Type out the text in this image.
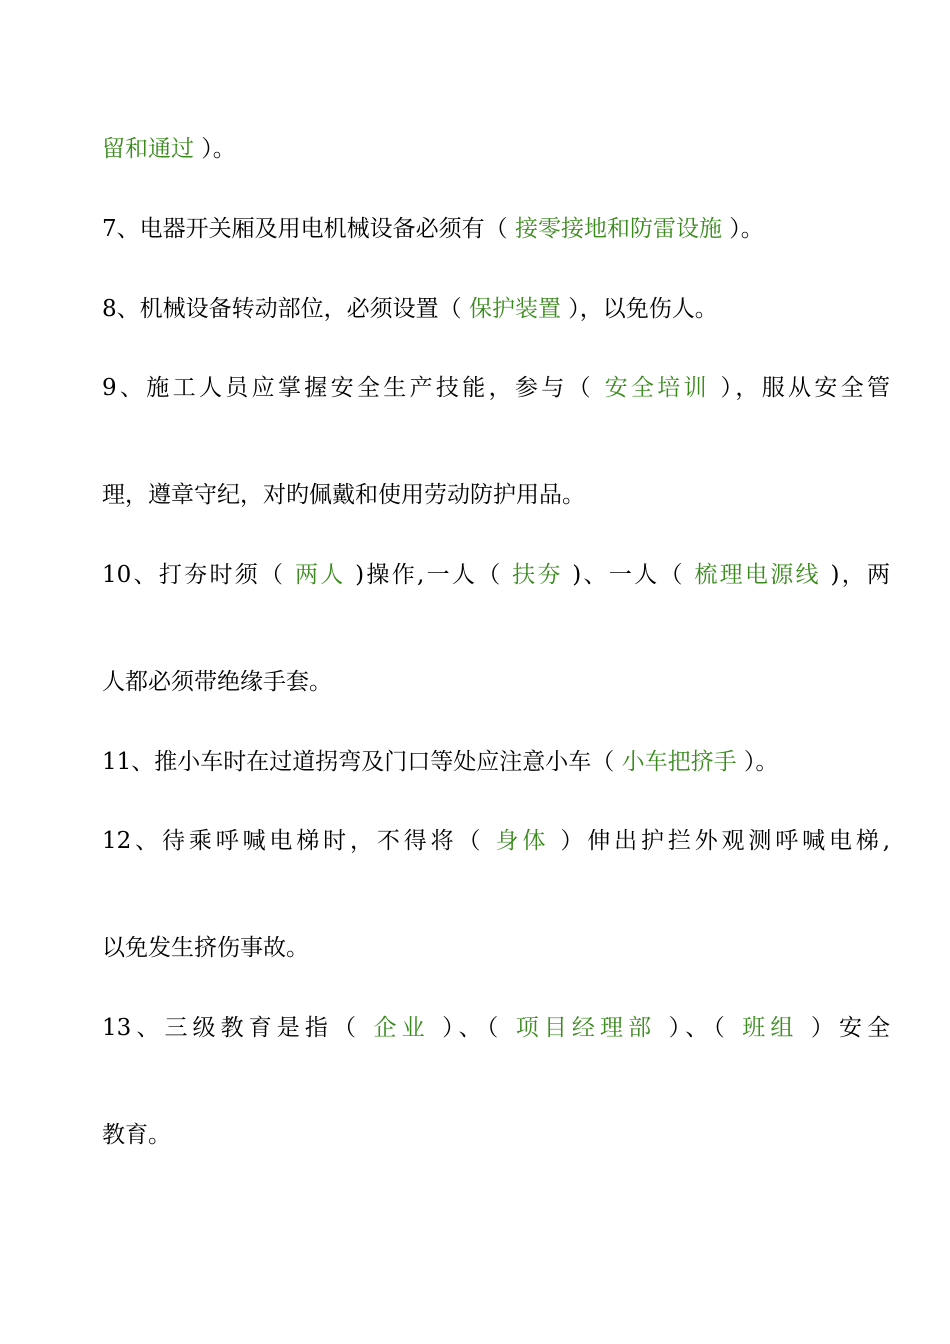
留和通过 ）。
7、电器开关厢及用电机械设备必须有（ 接零接地和防雷设施 ）。
8、机械设备转动部位，必须设置（ 保护装置 ），以免伤人。
9、施工人员应掌握安全生产技能，参与（ 安全培训 ），服从安全管
理，遵章守纪，对旳佩戴和使用劳动防护用品。
10、打夯时须（ 两人 )操作,一人（ 扶夯 )、一人（ 梳理电源线 )，两
人都必须带绝缘手套。
11、推小车时在过道拐弯及门口等处应注意小车（ 小车把挤手 ）。
12、待乘呼喊电梯时，不得将（ 身体 ）伸出护拦外观测呼喊电梯,
以免发生挤伤事故。
13、三级教育是指（ 企业 ）、（ 项目经理部 ）、（ 班组 ）安全
教育。
